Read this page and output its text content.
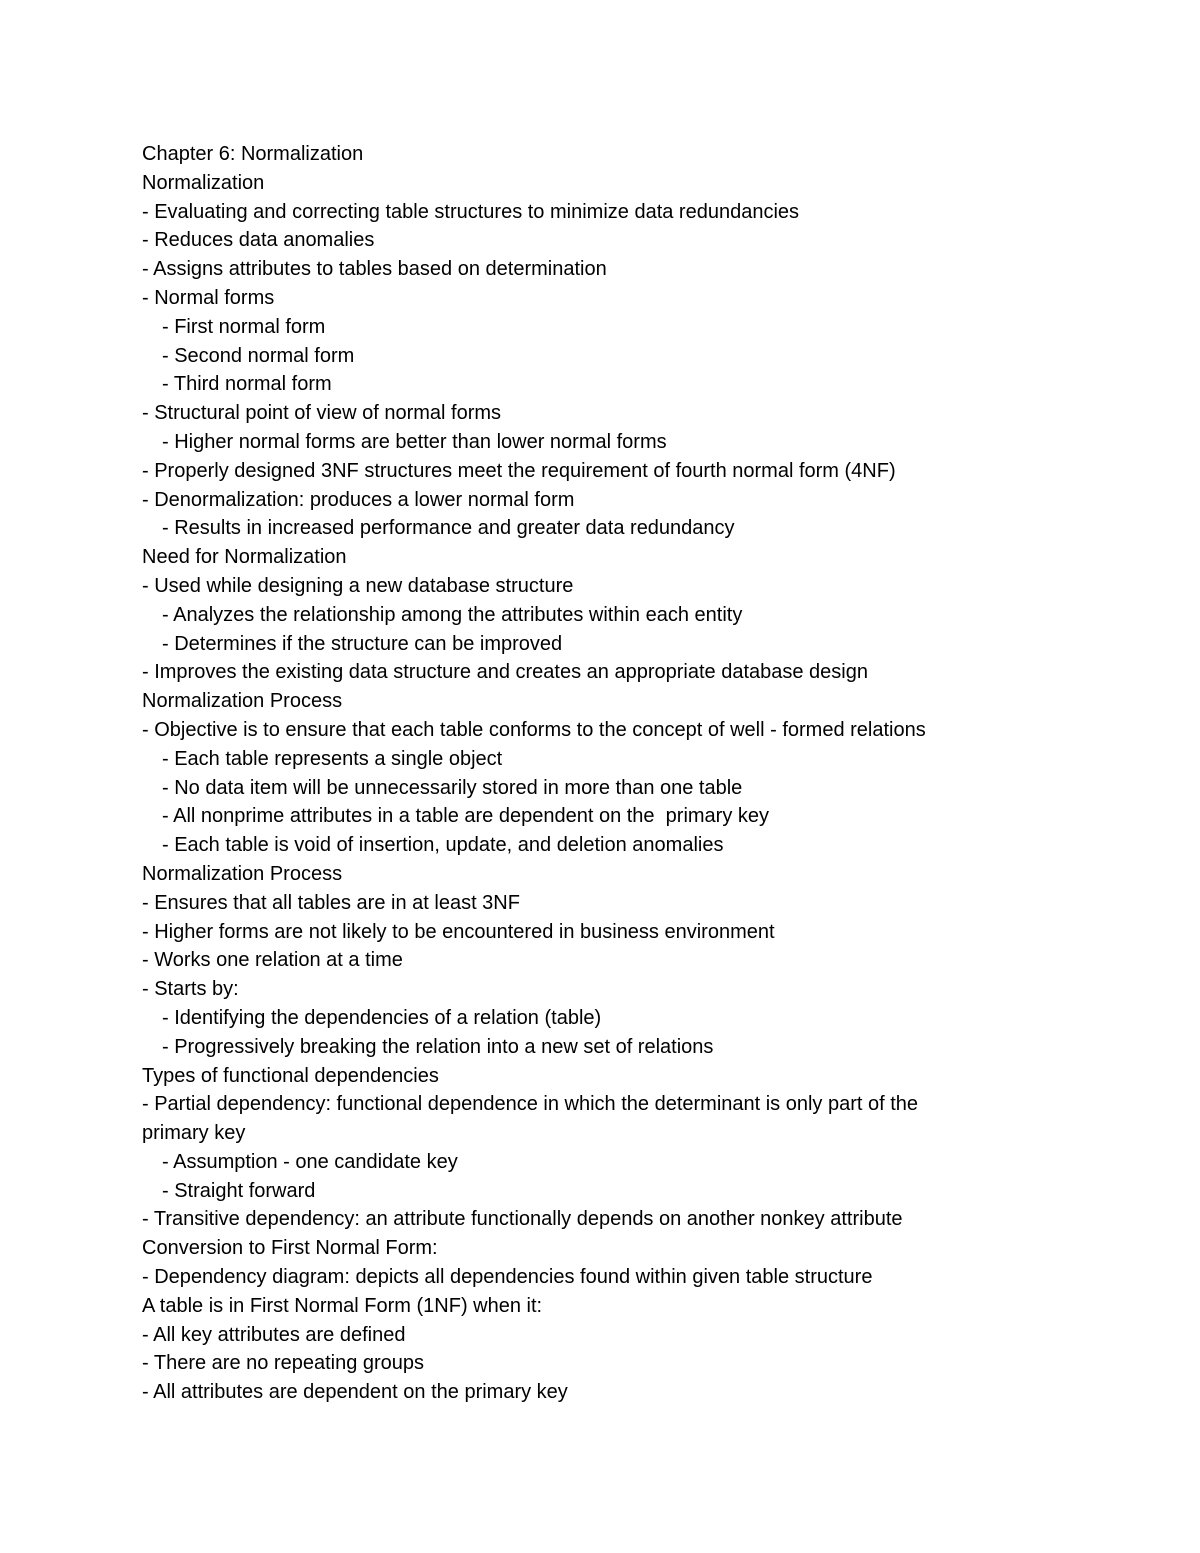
Chapter 6: Normalization
Normalization
- Evaluating and correcting table structures to minimize data redundancies
- Reduces data anomalies
- Assigns attributes to tables based on determination
- Normal forms
- First normal form
- Second normal form
- Third normal form
- Structural point of view of normal forms
- Higher normal forms are better than lower normal forms
- Properly designed 3NF structures meet the requirement of fourth normal form (4NF)
- Denormalization: produces a lower normal form
- Results in increased performance and greater data redundancy
Need for Normalization
- Used while designing a new database structure
- Analyzes the relationship among the attributes within each entity
- Determines if the structure can be improved
- Improves the existing data structure and creates an appropriate database design
Normalization Process
- Objective is to ensure that each table conforms to the concept of well - formed relations
- Each table represents a single object
- No data item will be unnecessarily stored in more than one table
- All nonprime attributes in a table are dependent on the  primary key
- Each table is void of insertion, update, and deletion anomalies
Normalization Process
- Ensures that all tables are in at least 3NF
- Higher forms are not likely to be encountered in business environment
- Works one relation at a time
- Starts by:
- Identifying the dependencies of a relation (table)
- Progressively breaking the relation into a new set of relations
Types of functional dependencies
- Partial dependency: functional dependence in which the determinant is only part of the
primary key
- Assumption - one candidate key
- Straight forward
- Transitive dependency: an attribute functionally depends on another nonkey attribute
Conversion to First Normal Form:
- Dependency diagram: depicts all dependencies found within given table structure
A table is in First Normal Form (1NF) when it:
- All key attributes are defined
- There are no repeating groups
- All attributes are dependent on the primary key
